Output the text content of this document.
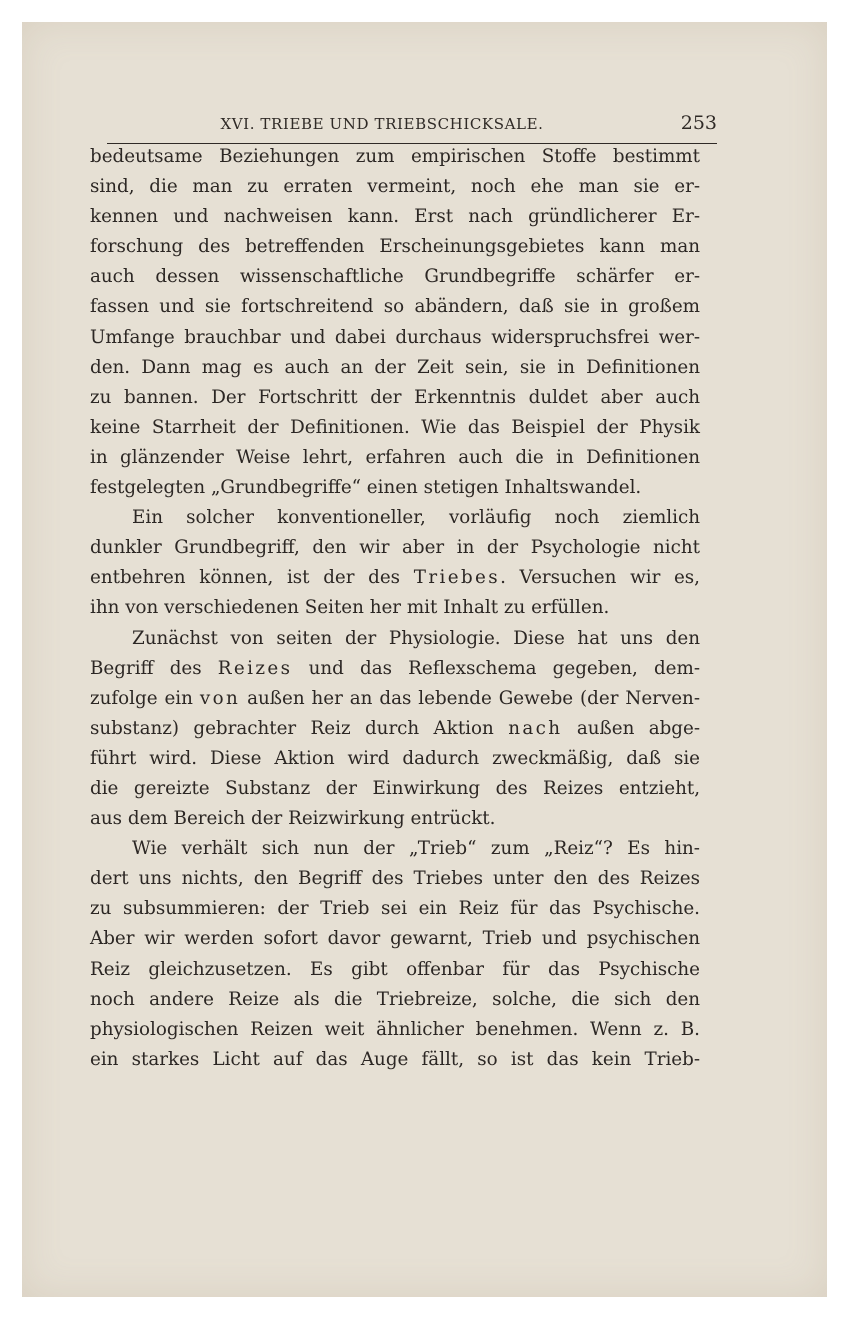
XVI. TRIEBE UND TRIEBSCHICKSALE.	253
bedeutsame Beziehungen zum empirischen Stoffe bestimmt
sind, die man zu erraten vermeint, noch ehe man sie er-
kennen und nachweisen kann. Erst nach gründlicherer Er-
forschung des betreffenden Erscheinungsgebietes kann man
auch dessen wissenschaftliche Grundbegriffe schärfer er-
fassen und sie fortschreitend so abändern, daß sie in großem
Umfange brauchbar und dabei durchaus widerspruchsfrei wer-
den. Dann mag es auch an der Zeit sein, sie in Definitionen
zu bannen. Der Fortschritt der Erkenntnis duldet aber auch
keine Starrheit der Definitionen. Wie das Beispiel der Physik
in glänzender Weise lehrt, erfahren auch die in Definitionen
festgelegten „Grundbegriffe“ einen stetigen Inhaltswandel.
Ein solcher konventioneller, vorläufig noch ziemlich
dunkler Grundbegriff, den wir aber in der Psychologie nicht
entbehren können, ist der des Triebes. Versuchen wir es,
ihn von verschiedenen Seiten her mit Inhalt zu erfüllen.
Zunächst von seiten der Physiologie. Diese hat uns den
Begriff des Reizes und das Reflexschema gegeben, dem-
zufolge ein von außen her an das lebende Gewebe (der Nerven-
substanz) gebrachter Reiz durch Aktion nach außen abge-
führt wird. Diese Aktion wird dadurch zweckmäßig, daß sie
die gereizte Substanz der Einwirkung des Reizes entzieht,
aus dem Bereich der Reizwirkung entrückt.
Wie verhält sich nun der „Trieb“ zum „Reiz“? Es hin-
dert uns nichts, den Begriff des Triebes unter den des Reizes
zu subsummieren: der Trieb sei ein Reiz für das Psychische.
Aber wir werden sofort davor gewarnt, Trieb und psychischen
Reiz gleichzusetzen. Es gibt offenbar für das Psychische
noch andere Reize als die Triebreize, solche, die sich den
physiologischen Reizen weit ähnlicher benehmen. Wenn z. B.
ein starkes Licht auf das Auge fällt, so ist das kein Trieb-
